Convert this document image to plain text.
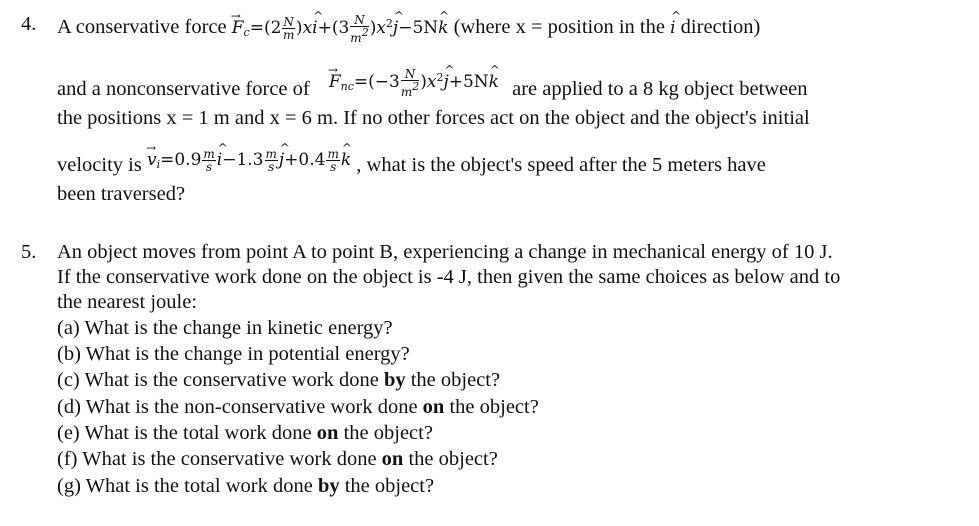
4. A conservative force → $F_c=(2 \frac{N}{m}$ )x^ $i+(3 \frac{N}{m^2}$ )$x^2\^{}$ j−5N^ k (where x = position in the ^ i direction)
and a nonconservative force of → $^{F_{nc}=(-3 \frac{N}{m^2} )x^2\^{} j+5N\^{} k}$ are applied to a 8 kg object between
the positions x = 1 m and x = 6 m. If no other forces act on the object and the object's initial
velocity is → $^{v_i=0.9 \frac{m}{s} \^{} i-1.3 \frac{m}{s} \^{} j+0.4 \frac{m}{s} \^{} k}$ , what is the object's speed after the 5 meters have
been traversed?
5. An object moves from point A to point B, experiencing a change in mechanical energy of 10 J.
If the conservative work done on the object is -4 J, then given the same choices as below and to
the nearest joule:
(a) What is the change in kinetic energy?
(b) What is the change in potential energy?
(c) What is the conservative work done by the object?
(d) What is the non-conservative work done on the object?
(e) What is the total work done on the object?
(f) What is the conservative work done on the object?
(g) What is the total work done by the object?
